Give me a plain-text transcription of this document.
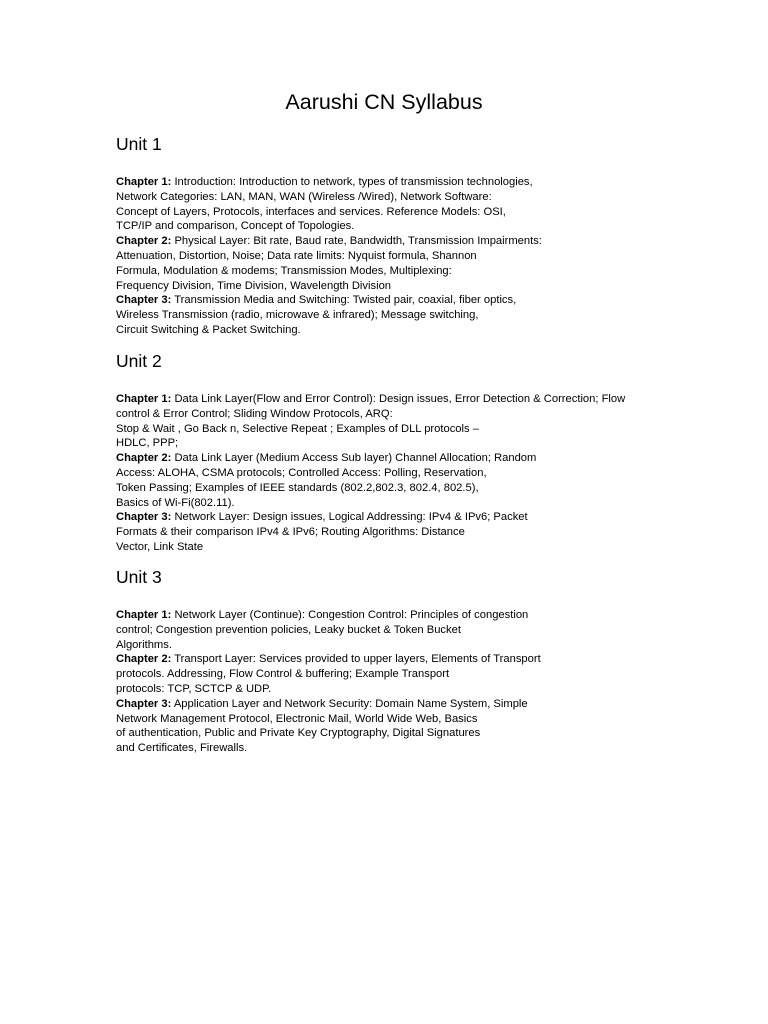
Aarushi CN Syllabus
Unit 1

Chapter 1: Introduction: Introduction to network, types of transmission technologies,

Network Categories: LAN, MAN, WAN (Wireless /Wired), Network Software:

Concept of Layers, Protocols, interfaces and services. Reference Models: OSI,

TCP/IP and comparison, Concept of Topologies.

Chapter 2: Physical Layer: Bit rate, Baud rate, Bandwidth, Transmission Impairments:

Attenuation, Distortion, Noise; Data rate limits: Nyquist formula, Shannon

Formula, Modulation & modems; Transmission Modes, Multiplexing:

Frequency Division, Time Division, Wavelength Division

Chapter 3: Transmission Media and Switching: Twisted pair, coaxial, fiber optics,

Wireless Transmission (radio, microwave & infrared); Message switching,

Circuit Switching & Packet Switching.

Unit 2

Chapter 1: Data Link Layer(Flow and Error Control): Design issues, Error Detection & Correction; Flow

control & Error Control; Sliding Window Protocols, ARQ:

Stop & Wait , Go Back n, Selective Repeat ; Examples of DLL protocols –

HDLC, PPP;

Chapter 2: Data Link Layer (Medium Access Sub layer) Channel Allocation; Random

Access: ALOHA, CSMA protocols; Controlled Access: Polling, Reservation,

Token Passing; Examples of IEEE standards (802.2,802.3, 802.4, 802.5),

Basics of Wi-Fi(802.11).

Chapter 3: Network Layer: Design issues, Logical Addressing: IPv4 & IPv6; Packet

Formats & their comparison IPv4 & IPv6; Routing Algorithms: Distance

Vector, Link State

Unit 3

Chapter 1: Network Layer (Continue): Congestion Control: Principles of congestion

control; Congestion prevention policies, Leaky bucket & Token Bucket

Algorithms.

Chapter 2: Transport Layer: Services provided to upper layers, Elements of Transport

protocols. Addressing, Flow Control & buffering; Example Transport

protocols: TCP, SCTCP & UDP.

Chapter 3: Application Layer and Network Security: Domain Name System, Simple

Network Management Protocol, Electronic Mail, World Wide Web, Basics

of authentication, Public and Private Key Cryptography, Digital Signatures

and Certificates, Firewalls.
